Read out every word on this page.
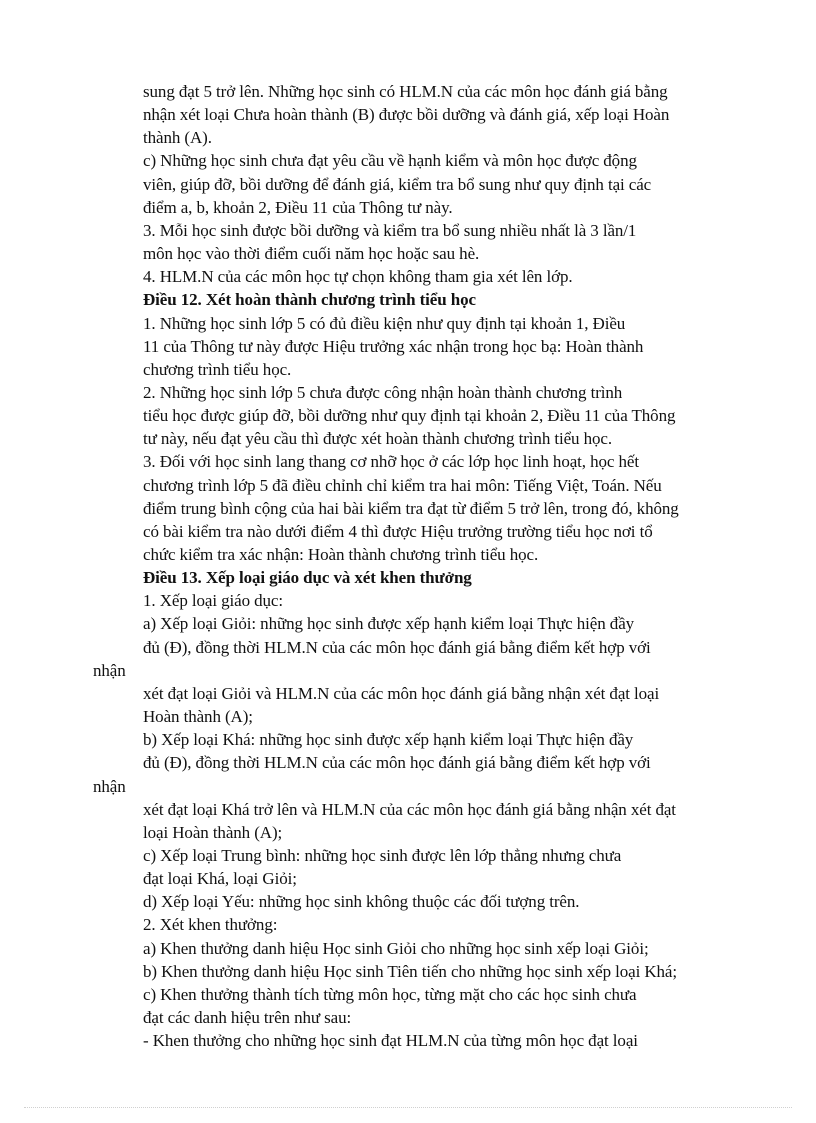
sung đạt 5 trở lên. Những học sinh có HLM.N của các môn học đánh giá bằng
nhận xét loại Chưa hoàn thành (B) được bồi dưỡng và đánh giá, xếp loại Hoàn
thành (A).
c) Những học sinh chưa đạt yêu cầu về hạnh kiểm và môn học được động
viên, giúp đỡ, bồi dưỡng để đánh giá, kiểm tra bổ sung như quy định tại các
điểm a, b, khoản 2, Điều 11 của Thông tư này.
3. Mỗi học sinh được bồi dưỡng và kiểm tra bổ sung nhiều nhất là 3 lần/1
môn học vào thời điểm cuối năm học hoặc sau hè.
4. HLM.N của các môn học tự chọn không tham gia xét lên lớp.
Điều 12. Xét hoàn thành chương trình tiểu học
1. Những học sinh lớp 5 có đủ điều kiện như quy định tại khoản 1, Điều
11 của Thông tư này được Hiệu trưởng xác nhận trong học bạ: Hoàn thành
chương trình tiểu học.
2. Những học sinh lớp 5 chưa được công nhận hoàn thành chương trình
tiểu học được giúp đỡ, bồi dưỡng như quy định tại khoản 2, Điều 11 của Thông
tư này, nếu đạt yêu cầu thì được xét hoàn thành chương trình tiểu học.
3. Đối với học sinh lang thang cơ nhỡ học ở các lớp học linh hoạt, học hết
chương trình lớp 5 đã điều chỉnh chỉ kiểm tra hai môn: Tiếng Việt, Toán. Nếu
điểm trung bình cộng của hai bài kiểm tra đạt từ điểm 5 trở lên, trong đó, không
có bài kiểm tra nào dưới điểm 4 thì được Hiệu trưởng trường tiểu học nơi tổ
chức kiểm tra xác nhận: Hoàn thành chương trình tiểu học.
Điều 13. Xếp loại giáo dục và xét khen thưởng
1. Xếp loại giáo dục:
a) Xếp loại Giỏi: những học sinh được xếp hạnh kiểm loại Thực hiện đầy
đủ (Đ), đồng thời HLM.N của các môn học đánh giá bằng điểm kết hợp với
nhận
xét đạt loại Giỏi và HLM.N của các môn học đánh giá bằng nhận xét đạt loại
Hoàn thành (A);
b) Xếp loại Khá: những học sinh được xếp hạnh kiểm loại Thực hiện đầy
đủ (Đ), đồng thời HLM.N của các môn học đánh giá bằng điểm kết hợp với
nhận
xét đạt loại Khá trở lên và HLM.N của các môn học đánh giá bằng nhận xét đạt
loại Hoàn thành (A);
c) Xếp loại Trung bình: những học sinh được lên lớp thẳng nhưng chưa
đạt loại Khá, loại Giỏi;
d) Xếp loại Yếu: những học sinh không thuộc các đối tượng trên.
2. Xét khen thưởng:
a) Khen thưởng danh hiệu Học sinh Giỏi cho những học sinh xếp loại Giỏi;
b) Khen thưởng danh hiệu Học sinh Tiên tiến cho những học sinh xếp loại Khá;
c) Khen thưởng thành tích từng môn học, từng mặt cho các học sinh chưa
đạt các danh hiệu trên như sau:
- Khen thưởng cho những học sinh đạt HLM.N của từng môn học đạt loại
